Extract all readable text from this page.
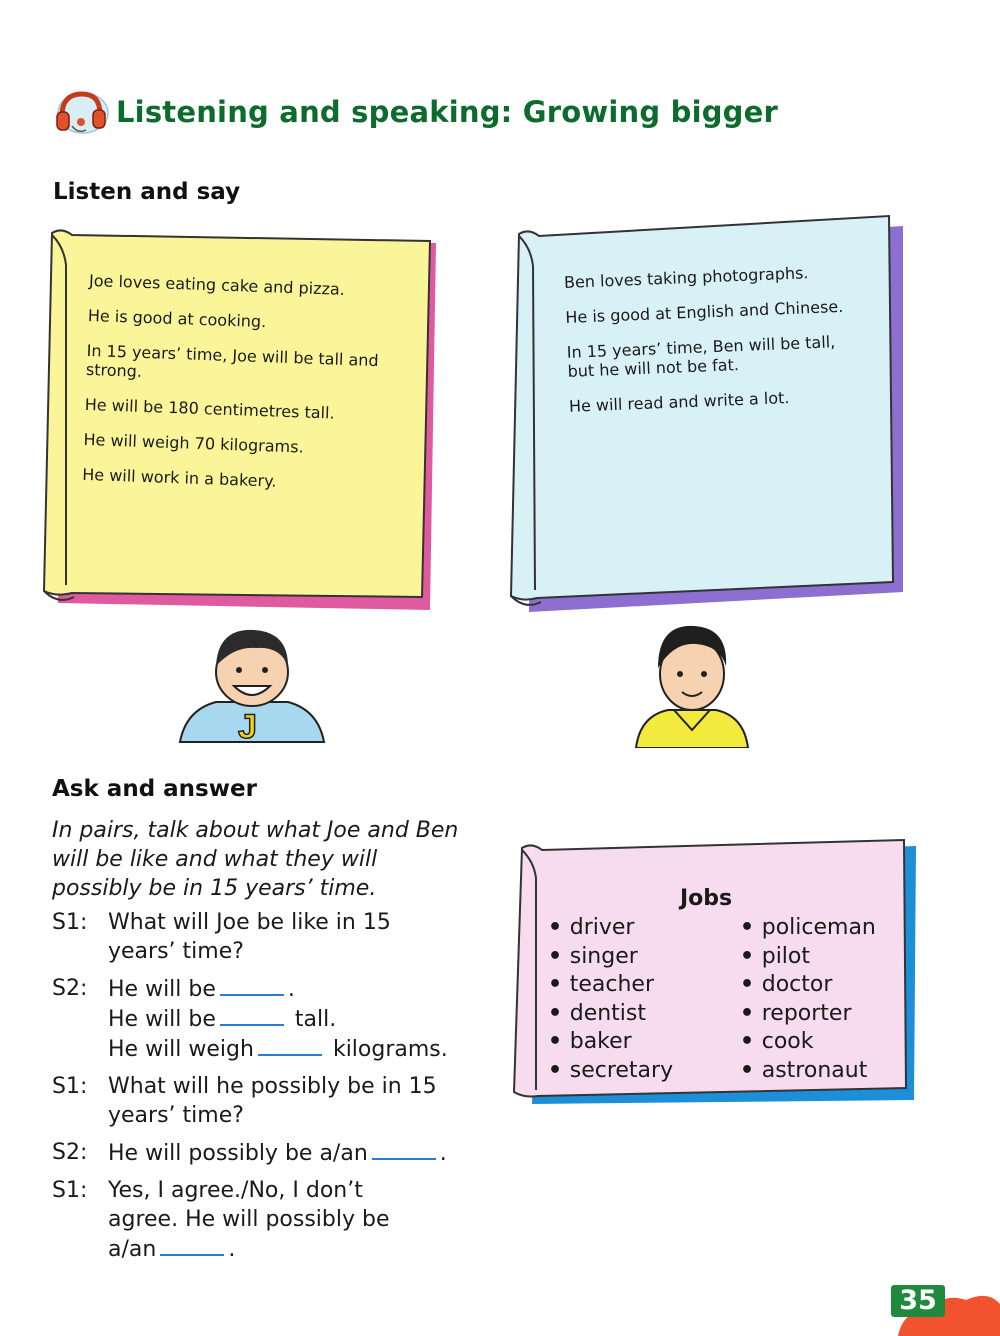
Listening and speaking: Growing bigger
Listen and say

Joe loves eating cake and pizza.

He is good at cooking.

In 15 years’ time, Joe will be tall and strong.

He will be 180 centimetres tall.

He will weigh 70 kilograms.

He will work in a bakery.

Ben loves taking photographs.

He is good at English and Chinese.

In 15 years’ time, Ben will be tall, but he will not be fat.

He will read and write a lot.

J
Ask and answer
In pairs, talk about what Joe and Ben will be like and what they will possibly be in 15 years’ time.
S1: What will Joe be like in 15 years’ time?
S2: He will be	.
He will be	tall.
He will weigh	kilograms.
S1: What will he possibly be in 15 years’ time?
S2: He will possibly be a/an	.
S1: Yes, I agree./No, I don’t agree. He will possibly be a/an	.
Jobs
• driver
• singer
• teacher
• dentist
• baker
• secretary
• policeman
• pilot
• doctor
• reporter
• cook
• astronaut
35
